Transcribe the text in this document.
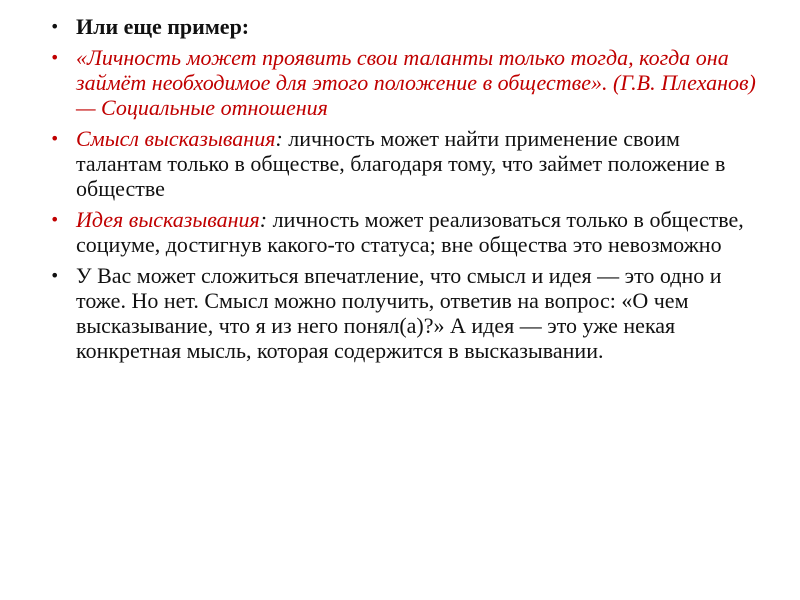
• Или еще пример:
• «Личность может проявить свои таланты только тогда, когда она займёт необходимое для этого положение в обществе». (Г.В. Плеханов) — Социальные отношения
• Смысл высказывания: личность может найти применение своим талантам только в обществе, благодаря тому, что займет положение в обществе
• Идея высказывания: личность может реализоваться только в обществе, социуме, достигнув какого-то статуса; вне общества это невозможно
• У Вас может сложиться впечатление, что смысл и идея — это одно и тоже. Но нет. Смысл можно получить, ответив на вопрос: «О чем высказывание, что я из него понял(а)?» А идея — это уже некая конкретная мысль, которая содержится в высказывании.
